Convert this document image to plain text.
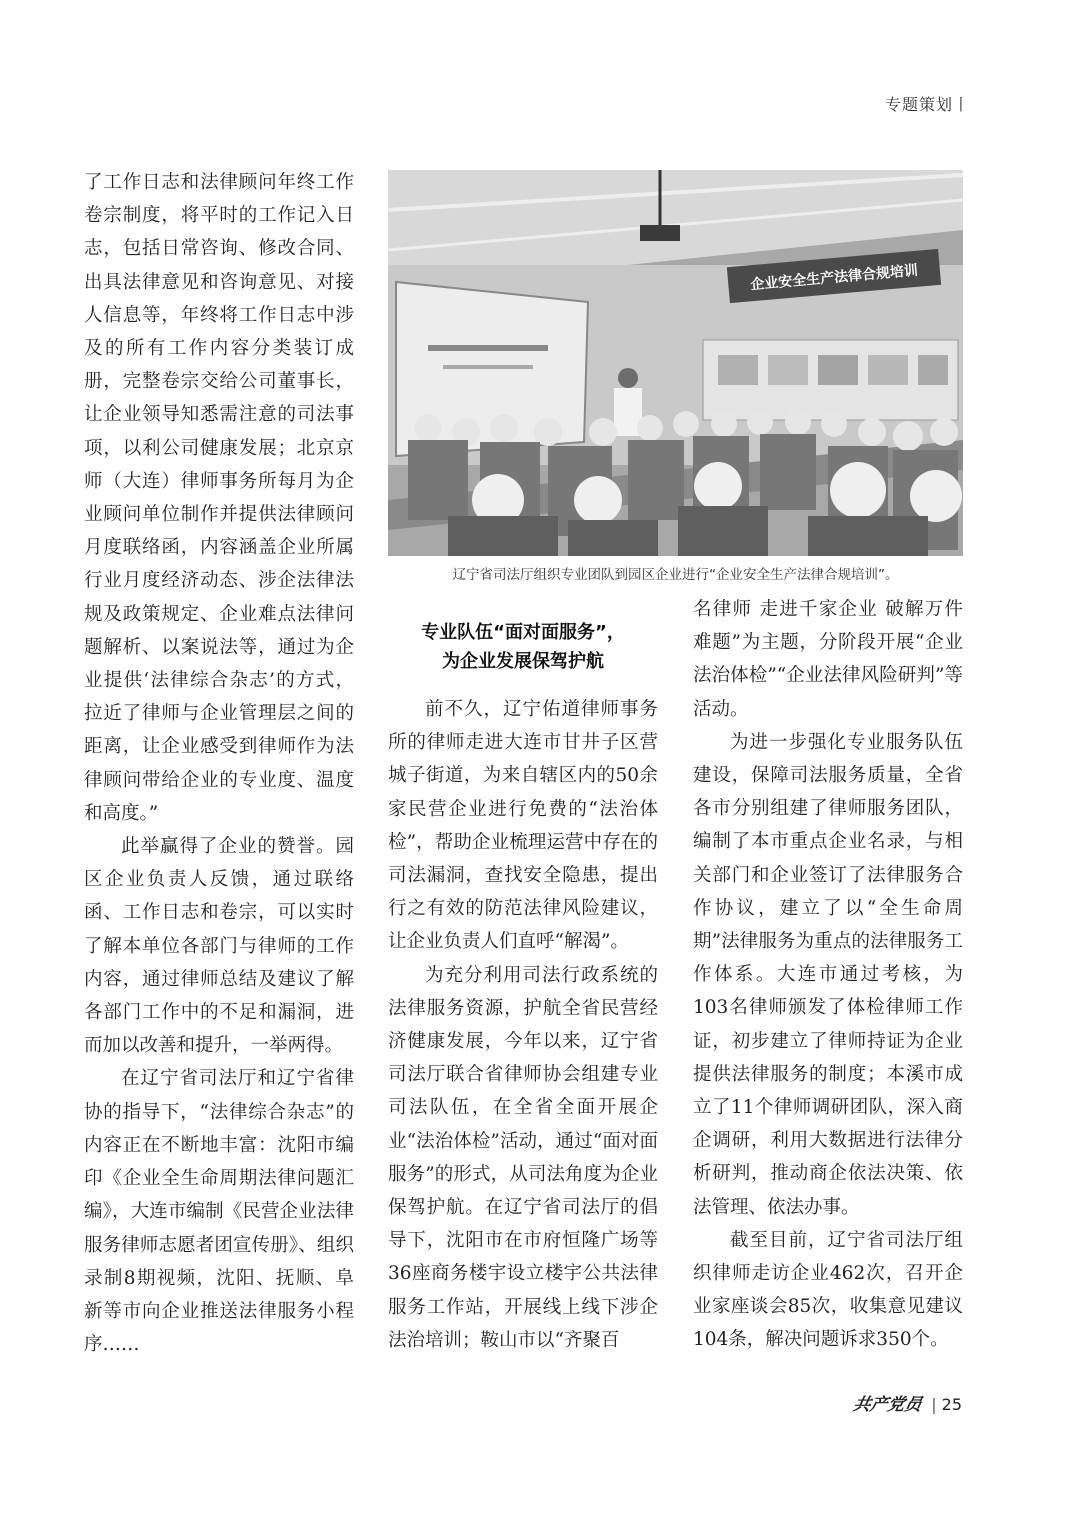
专题策划丨

了工作日志和法律顾问年终工作卷宗制度，将平时的工作记入日志，包括日常咨询、修改合同、出具法律意见和咨询意见、对接人信息等，年终将工作日志中涉及的所有工作内容分类装订成册，完整卷宗交给公司董事长，让企业领导知悉需注意的司法事项，以利公司健康发展；北京京师（大连）律师事务所每月为企业顾问单位制作并提供法律顾问月度联络函，内容涵盖企业所属行业月度经济动态、涉企法律法规及政策规定、企业难点法律问题解析、以案说法等，通过为企业提供‘法律综合杂志’的方式，拉近了律师与企业管理层之间的距离，让企业感受到律师作为法律顾问带给企业的专业度、温度和高度。”

此举赢得了企业的赞誉。园区企业负责人反馈，通过联络函、工作日志和卷宗，可以实时了解本单位各部门与律师的工作内容，通过律师总结及建议了解各部门工作中的不足和漏洞，进而加以改善和提升，一举两得。

在辽宁省司法厅和辽宁省律协的指导下，“法律综合杂志”的内容正在不断地丰富：沈阳市编印《企业全生命周期法律问题汇编》，大连市编制《民营企业法律服务律师志愿者团宣传册》、组织录制8期视频，沈阳、抚顺、阜新等市向企业推送法律服务小程序……

企业安全生产法律合规培训
辽宁省司法厅组织专业团队到园区企业进行“企业安全生产法律合规培训”。
专业队伍“面对面服务”，
为企业发展保驾护航

前不久，辽宁佑道律师事务所的律师走进大连市甘井子区营城子街道，为来自辖区内的50余家民营企业进行免费的“法治体检”，帮助企业梳理运营中存在的司法漏洞，查找安全隐患，提出行之有效的防范法律风险建议，让企业负责人们直呼“解渴”。

为充分利用司法行政系统的法律服务资源，护航全省民营经济健康发展，今年以来，辽宁省司法厅联合省律师协会组建专业司法队伍，在全省全面开展企业“法治体检”活动，通过“面对面服务”的形式，从司法角度为企业保驾护航。在辽宁省司法厅的倡导下，沈阳市在市府恒隆广场等36座商务楼宇设立楼宇公共法律服务工作站，开展线上线下涉企法治培训；鞍山市以“齐聚百

名律师 走进千家企业 破解万件难题”为主题，分阶段开展“企业法治体检”“企业法律风险研判”等活动。

为进一步强化专业服务队伍建设，保障司法服务质量，全省各市分别组建了律师服务团队，编制了本市重点企业名录，与相关部门和企业签订了法律服务合作协议，建立了以“全生命周期”法律服务为重点的法律服务工作体系。大连市通过考核，为103名律师颁发了体检律师工作证，初步建立了律师持证为企业提供法律服务的制度；本溪市成立了11个律师调研团队，深入商企调研，利用大数据进行法律分析研判，推动商企依法决策、依法管理、依法办事。

截至目前，辽宁省司法厅组织律师走访企业462次，召开企业家座谈会85次，收集意见建议104条，解决问题诉求350个。

共产党员 | 25
